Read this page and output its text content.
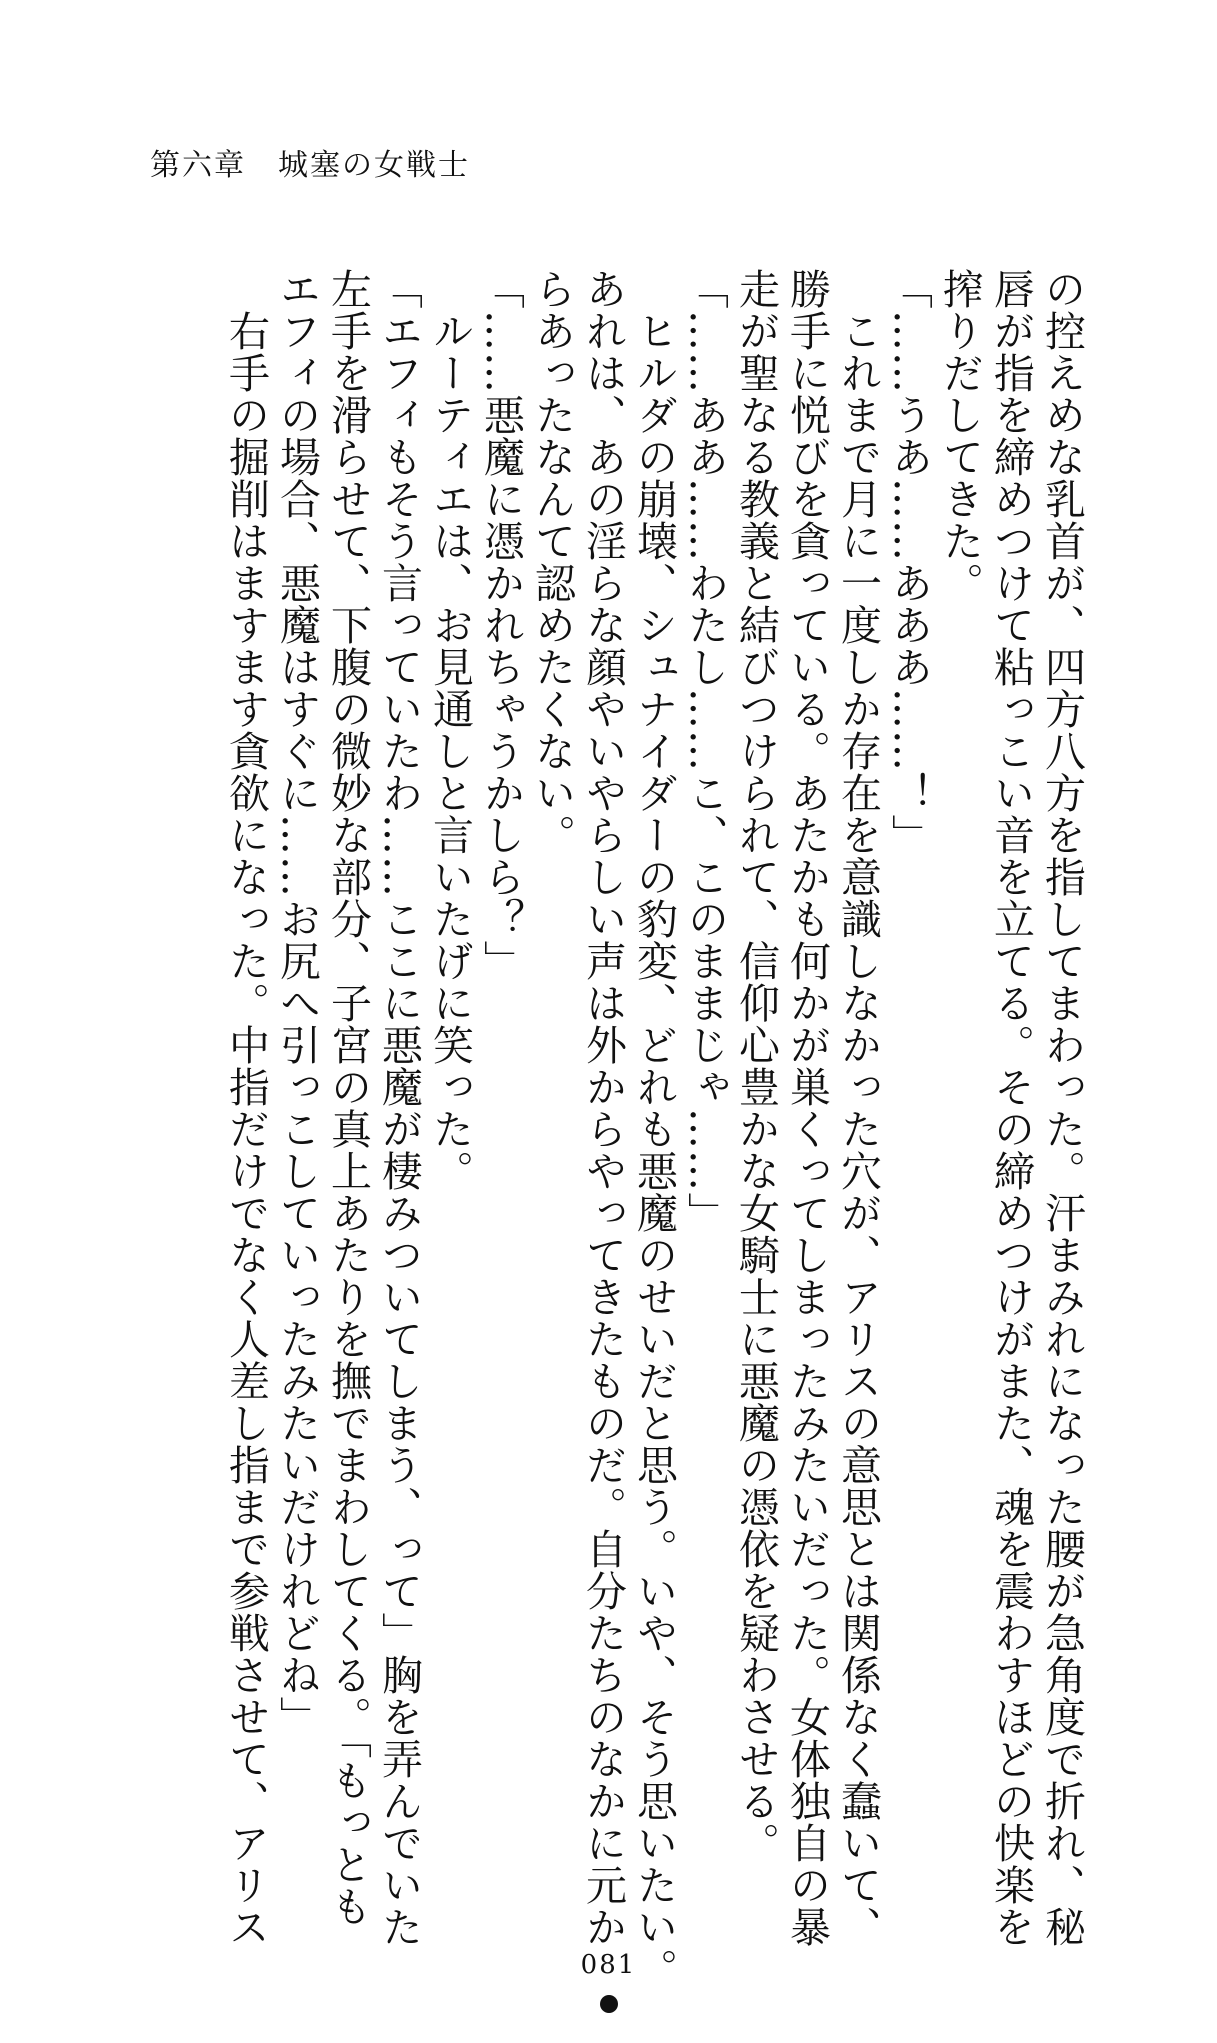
第六章　城塞の女戦士

の控えめな乳首が、四方八方を指してまわった。汗まみれになった腰が急角度で折れ、秘

唇が指を締めつけて粘っこい音を立てる。その締めつけがまた、魂を震わすほどの快楽を

搾りだしてきた。

「……うあ……あああ……！」

　これまで月に一度しか存在を意識しなかった穴が、アリスの意思とは関係なく蠢いて、

勝手に悦びを貪っている。あたかも何かが巣くってしまったみたいだった。女体独自の暴

走が聖なる教義と結びつけられて、信仰心豊かな女騎士に悪魔の憑依を疑わさせる。

「……ああ……わたし……こ、このままじゃ……」

　ヒルダの崩壊、シュナイダーの豹変、どれも悪魔のせいだと思う。いや、そう思いたい。

あれは、あの淫らな顔やいやらしい声は外からやってきたものだ。自分たちのなかに元か

らあったなんて認めたくない。

「……悪魔に憑かれちゃうかしら？」

　ルーティエは、お見通しと言いたげに笑った。

「エフィもそう言っていたわ……ここに悪魔が棲みついてしまう、って」胸を弄んでいた

左手を滑らせて、下腹の微妙な部分、子宮の真上あたりを撫でまわしてくる。「もっとも

エフィの場合、悪魔はすぐに……お尻へ引っこしていったみたいだけれどね」

　右手の掘削はますます貪欲になった。中指だけでなく人差し指まで参戦させて、アリス

081
